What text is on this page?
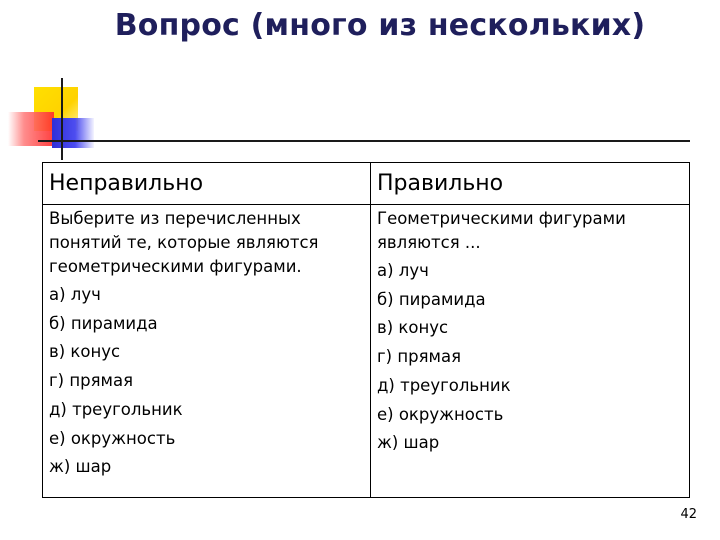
Вопрос (много из нескольких)
Неправильно	Правильно
Выберите из перечисленных понятий те, которые являются геометрическими фигурами.
а) луч
б) пирамида
в) конус
г) прямая
д) треугольник
е) окружность
ж) шар
Геометрическими фигурами являются ...
а) луч
б) пирамида
в) конус
г) прямая
д) треугольник
е) окружность
ж) шар
42
